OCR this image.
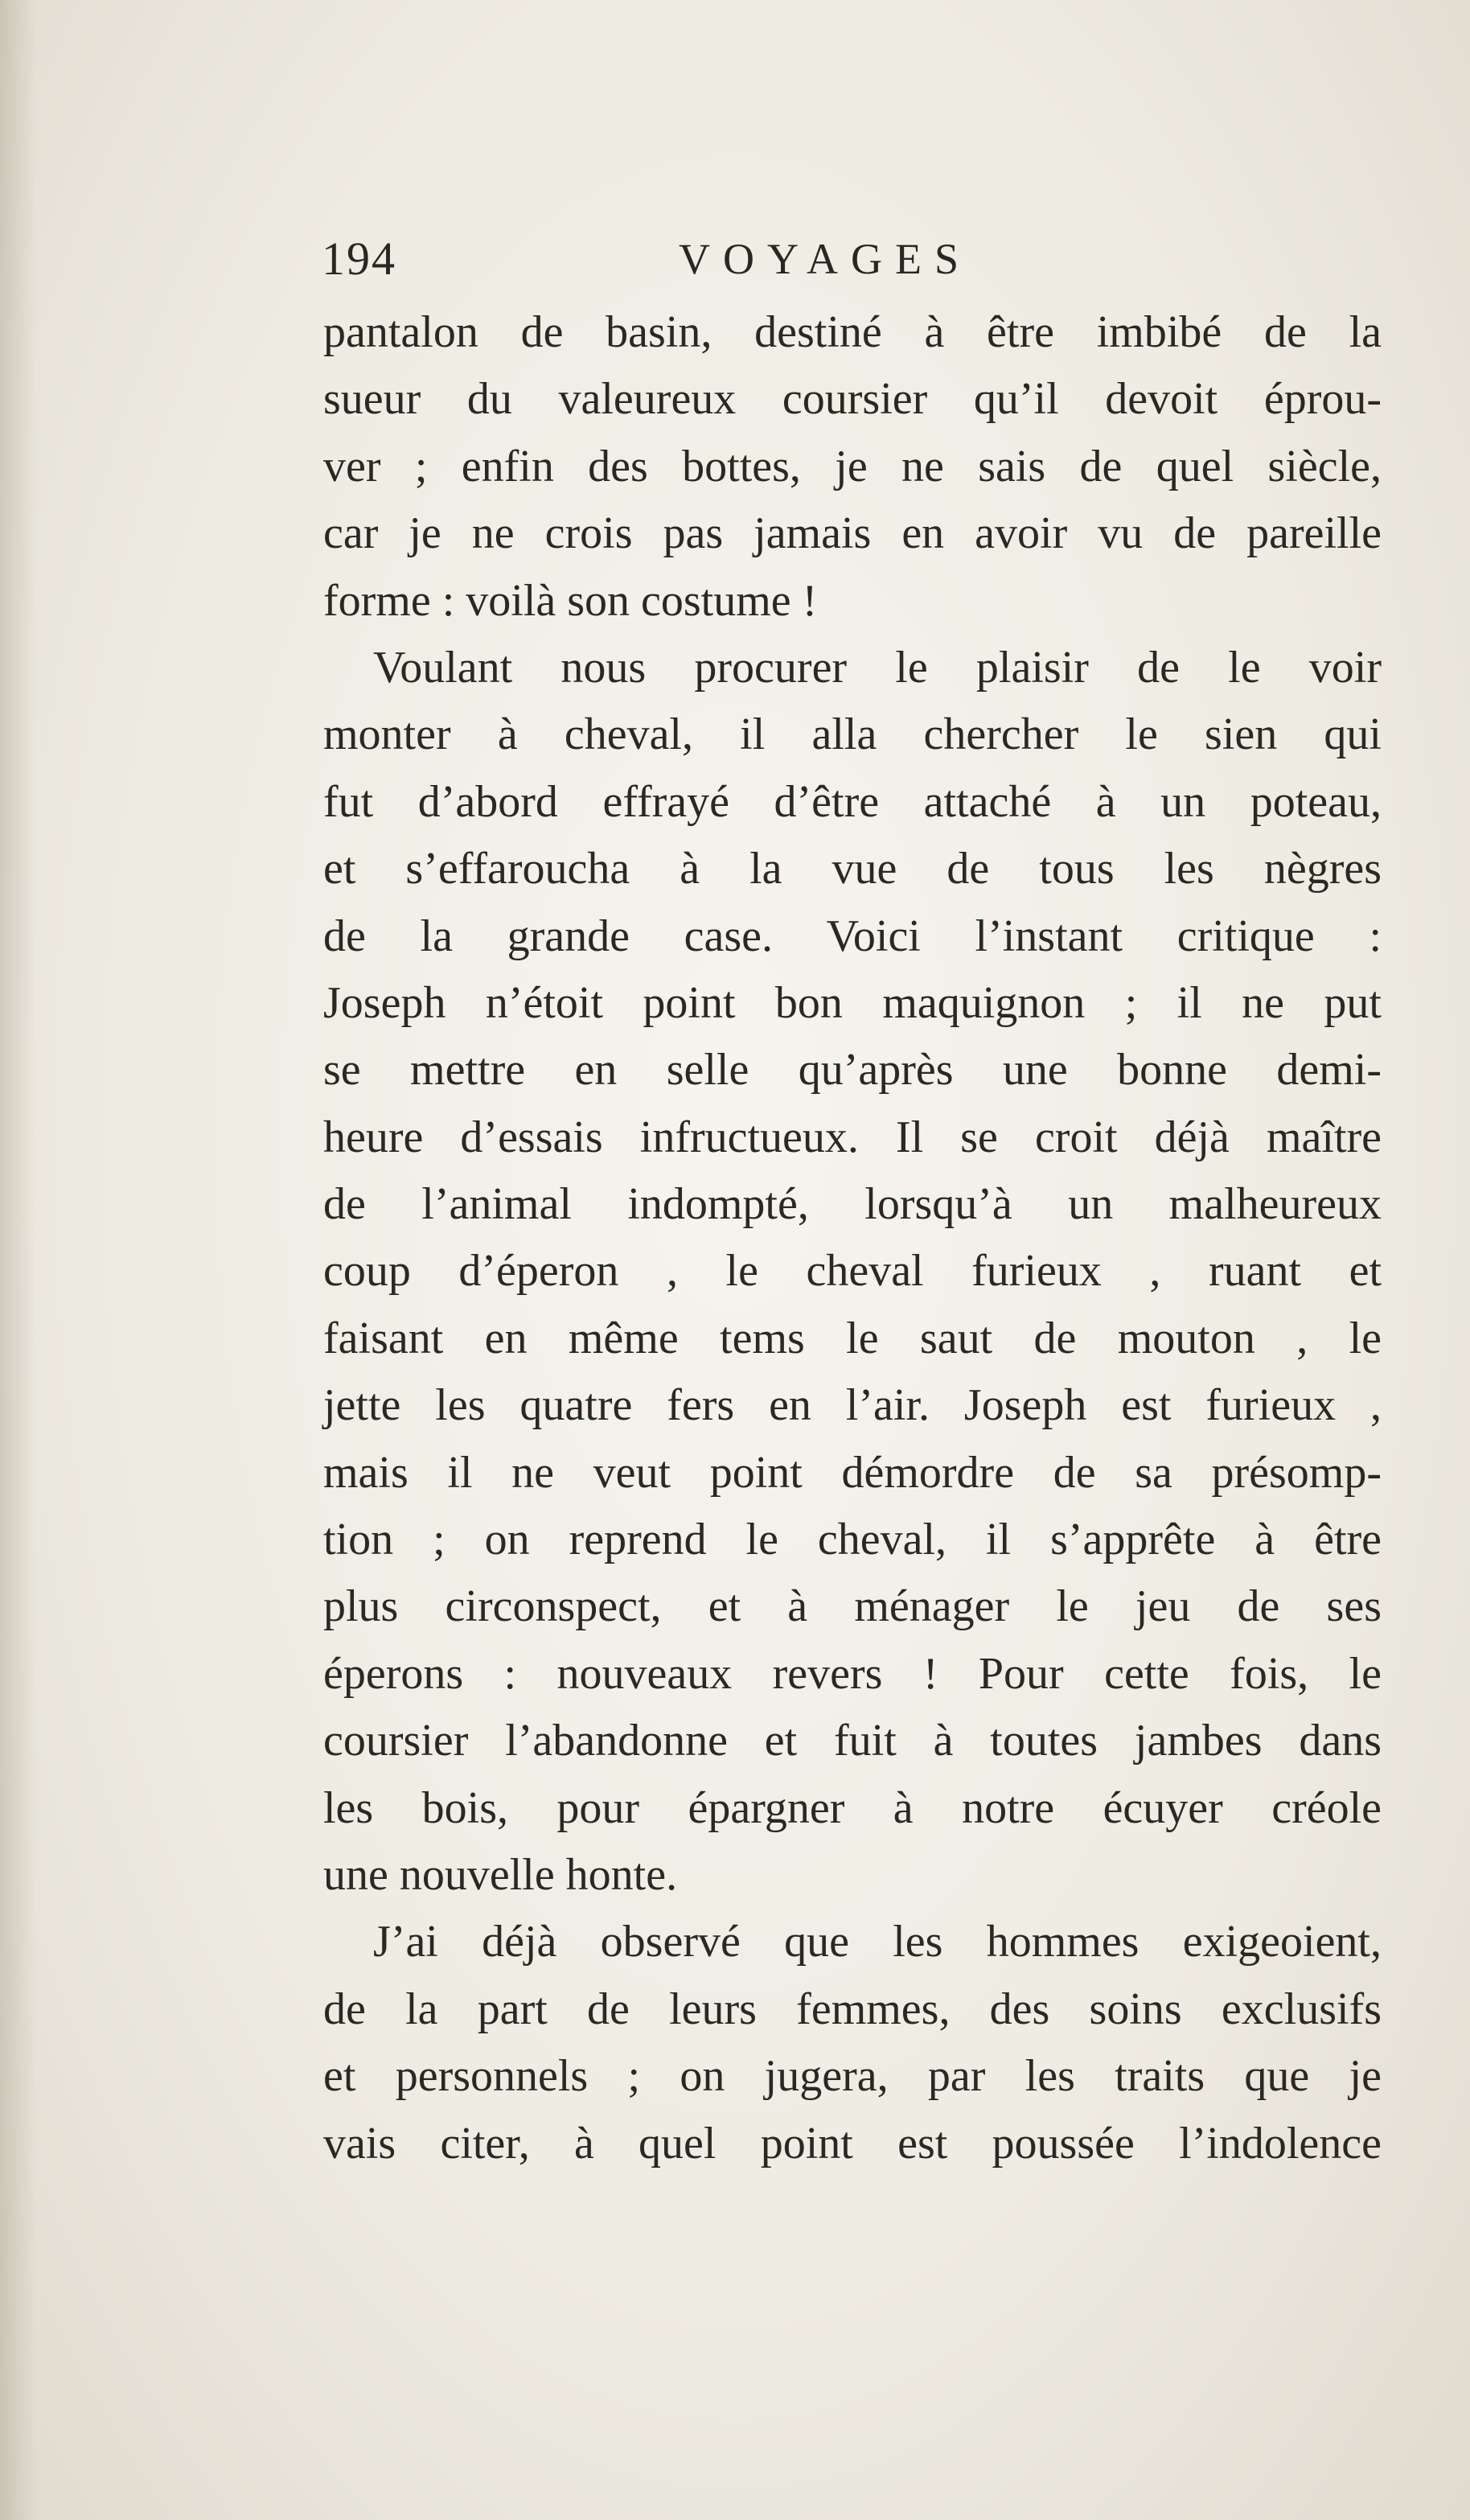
194	VOYAGES

pantalon de basin, destiné à être imbibé de la
sueur du valeureux coursier qu’il devoit éprou-
ver ; enfin des bottes, je ne sais de quel siècle,
car je ne crois pas jamais en avoir vu de pareille
forme : voilà son costume !

Voulant nous procurer le plaisir de le voir
monter à cheval, il alla chercher le sien qui
fut d’abord effrayé d’être attaché à un poteau,
et s’effaroucha à la vue de tous les nègres
de la grande case. Voici l’instant critique :
Joseph n’étoit point bon maquignon ; il ne put
se mettre en selle qu’après une bonne demi-
heure d’essais infructueux. Il se croit déjà maître
de l’animal indompté, lorsqu’à un malheureux
coup d’éperon , le cheval furieux , ruant et
faisant en même tems le saut de mouton , le
jette les quatre fers en l’air. Joseph est furieux ,
mais il ne veut point démordre de sa présomp-
tion ; on reprend le cheval, il s’apprête à être
plus circonspect, et à ménager le jeu de ses
éperons : nouveaux revers ! Pour cette fois, le
coursier l’abandonne et fuit à toutes jambes dans
les bois, pour épargner à notre écuyer créole
une nouvelle honte.

J’ai déjà observé que les hommes exigeoient,
de la part de leurs femmes, des soins exclusifs
et personnels ; on jugera, par les traits que je
vais citer, à quel point est poussée l’indolence
